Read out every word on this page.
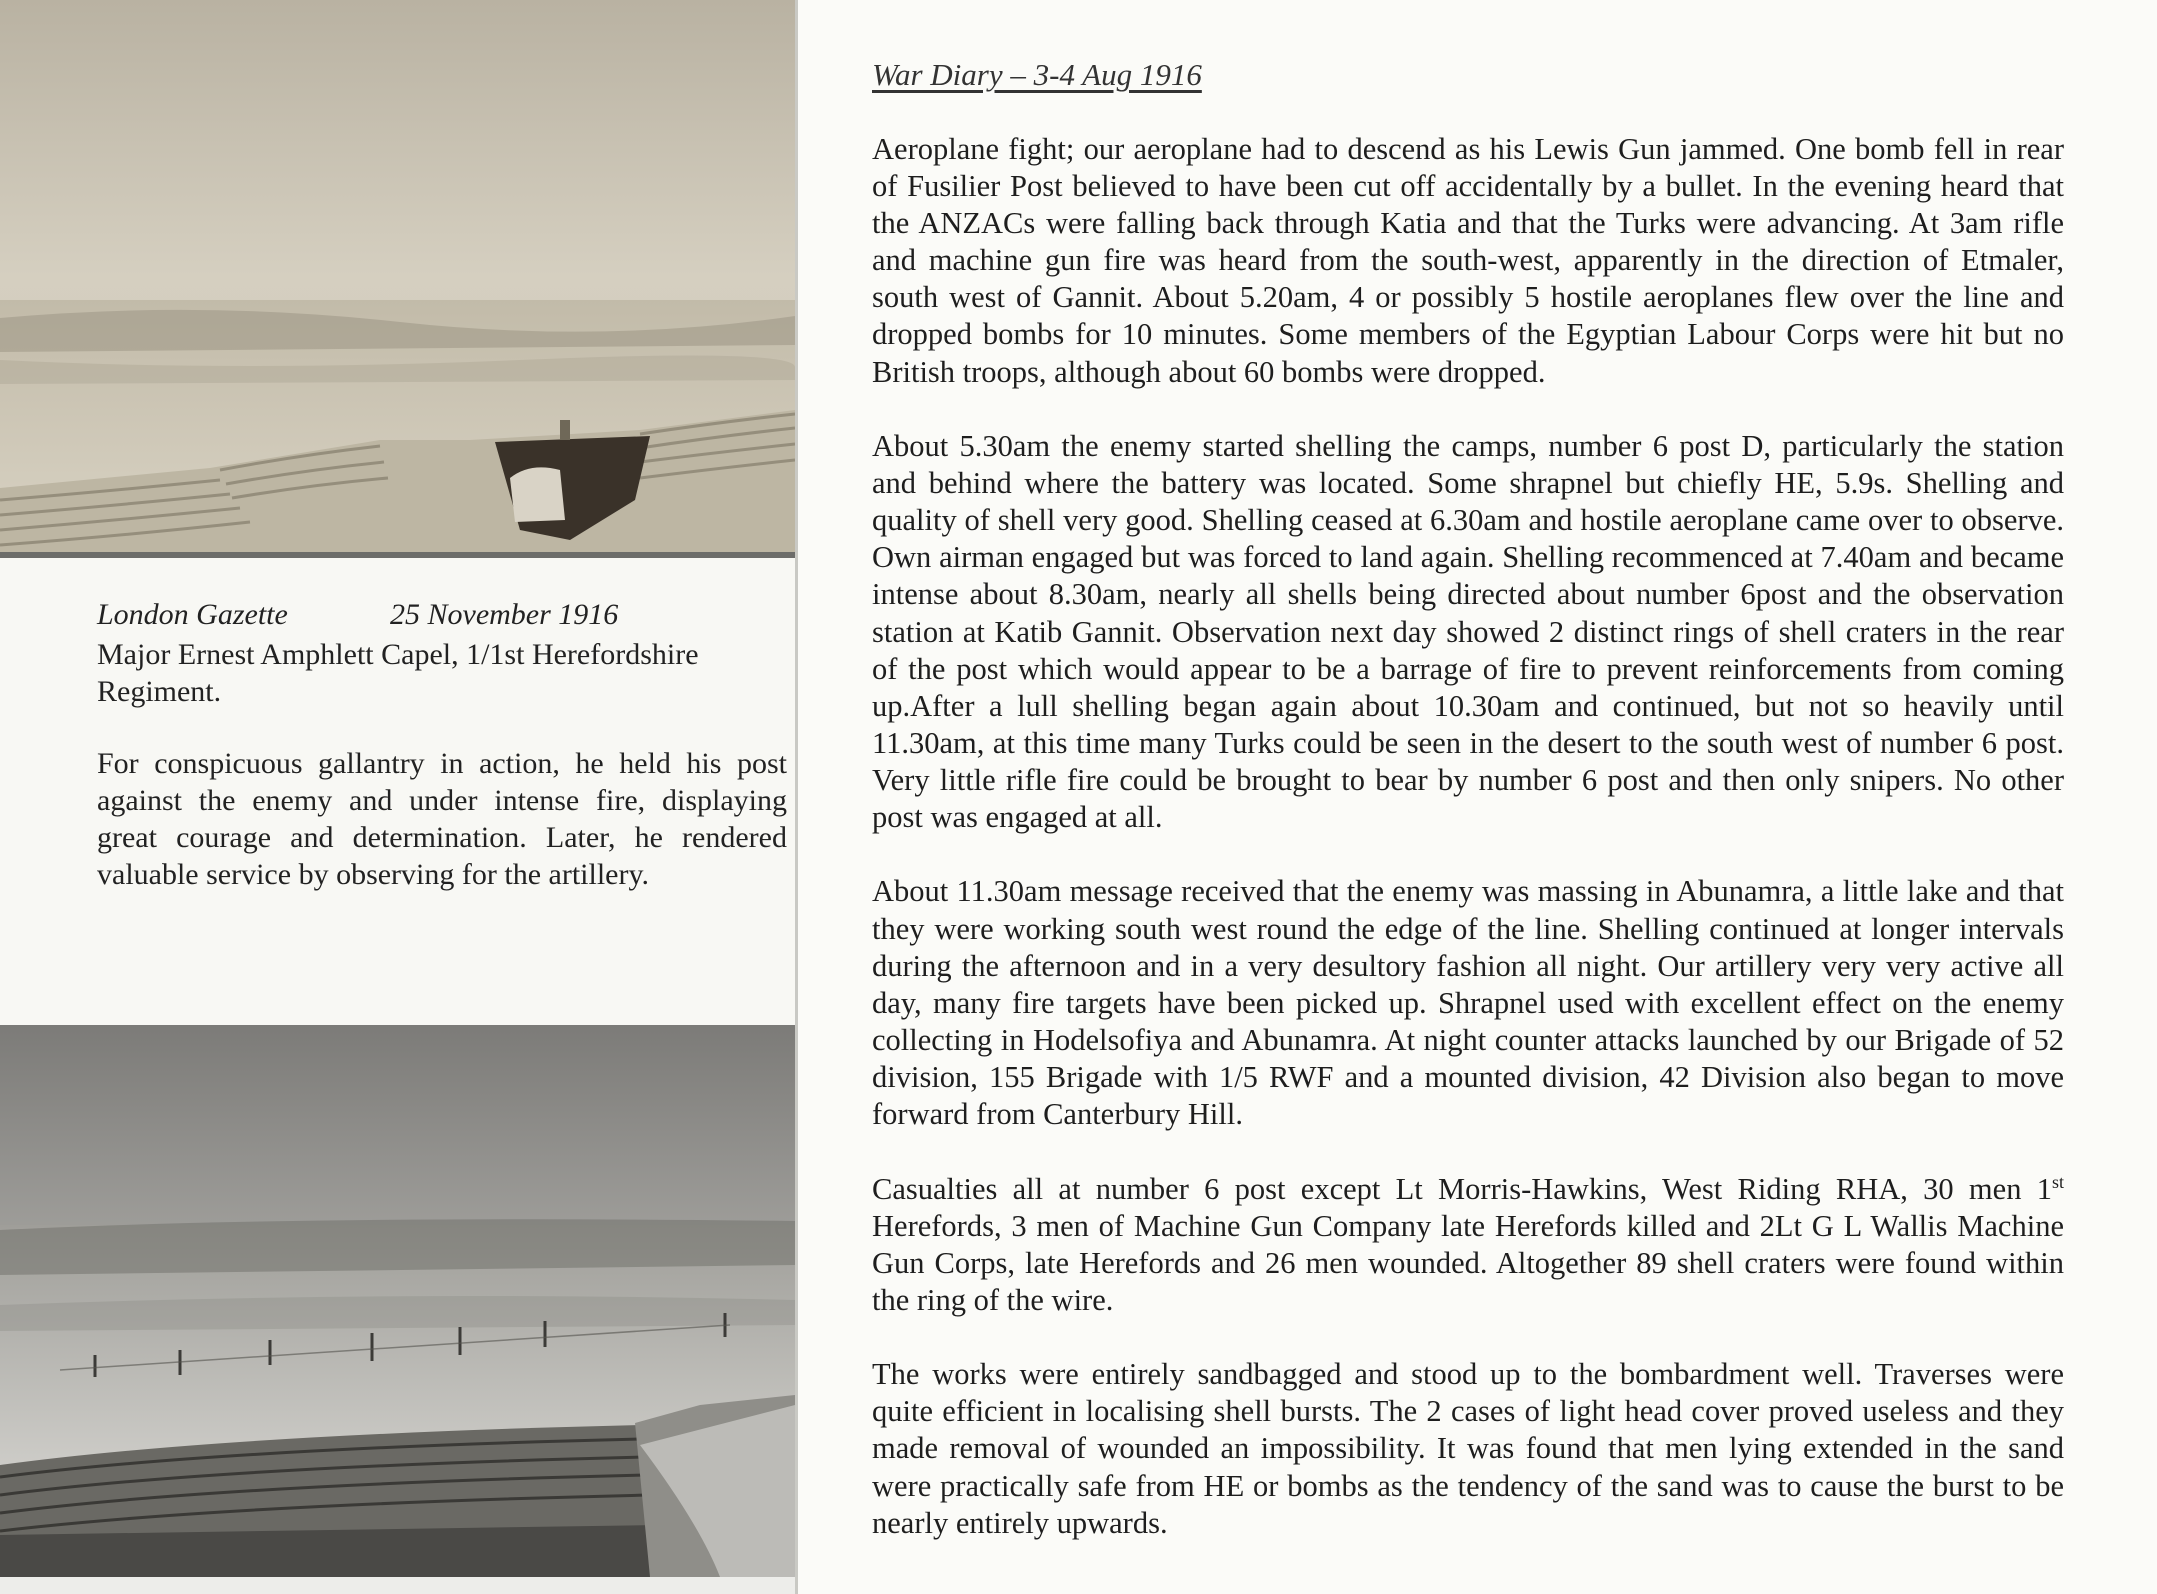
London Gazette	25 November 1916
Major Ernest Amphlett Capel, 1/1st Herefordshire Regiment.
For conspicuous gallantry in action, he held his post against the enemy and under intense fire, displaying great courage and determination. Later, he rendered valuable service by observing for the artillery.
War Diary – 3-4 Aug 1916

Aeroplane fight; our aeroplane had to descend as his Lewis Gun jammed. One bomb fell in rear of Fusilier Post believed to have been cut off accidentally by a bullet. In the evening heard that the ANZACs were falling back through Katia and that the Turks were advancing. At 3am rifle and machine gun fire was heard from the south-west, apparently in the direction of Etmaler, south west of Gannit. About 5.20am, 4 or possibly 5 hostile aeroplanes flew over the line and dropped bombs for 10 minutes. Some members of the Egyptian Labour Corps were hit but no British troops, although about 60 bombs were dropped.

About 5.30am the enemy started shelling the camps, number 6 post D, particularly the station and behind where the battery was located. Some shrapnel but chiefly HE, 5.9s. Shelling and quality of shell very good. Shelling ceased at 6.30am and hostile aeroplane came over to observe. Own airman engaged but was forced to land again. Shelling recommenced at 7.40am and became intense about 8.30am, nearly all shells being directed about number 6post and the observation station at Katib Gannit. Observation next day showed 2 distinct rings of shell craters in the rear of the post which would appear to be a barrage of fire to prevent reinforcements from coming up.After a lull shelling began again about 10.30am and continued, but not so heavily until 11.30am, at this time many Turks could be seen in the desert to the south west of number 6 post. Very little rifle fire could be brought to bear by number 6 post and then only snipers. No other post was engaged at all.

About 11.30am message received that the enemy was massing in Abunamra, a little lake and that they were working south west round the edge of the line. Shelling continued at longer intervals during the afternoon and in a very desultory fashion all night. Our artillery very very active all day, many fire targets have been picked up. Shrapnel used with excellent effect on the enemy collecting in Hodelsofiya and Abunamra. At night counter attacks launched by our Brigade of 52 division, 155 Brigade with 1/5 RWF and a mounted division, 42 Division also began to move forward from Canterbury Hill.

Casualties all at number 6 post except Lt Morris-Hawkins, West Riding RHA, 30 men 1st Herefords, 3 men of Machine Gun Company late Herefords killed and 2Lt G L Wallis Machine Gun Corps, late Herefords and 26 men wounded. Altogether 89 shell craters were found within the ring of the wire.

The works were entirely sandbagged and stood up to the bombardment well. Traverses were quite efficient in localising shell bursts. The 2 cases of light head cover proved useless and they made removal of wounded an impossibility. It was found that men lying extended in the sand were practically safe from HE or bombs as the tendency of the sand was to cause the burst to be nearly entirely upwards.
